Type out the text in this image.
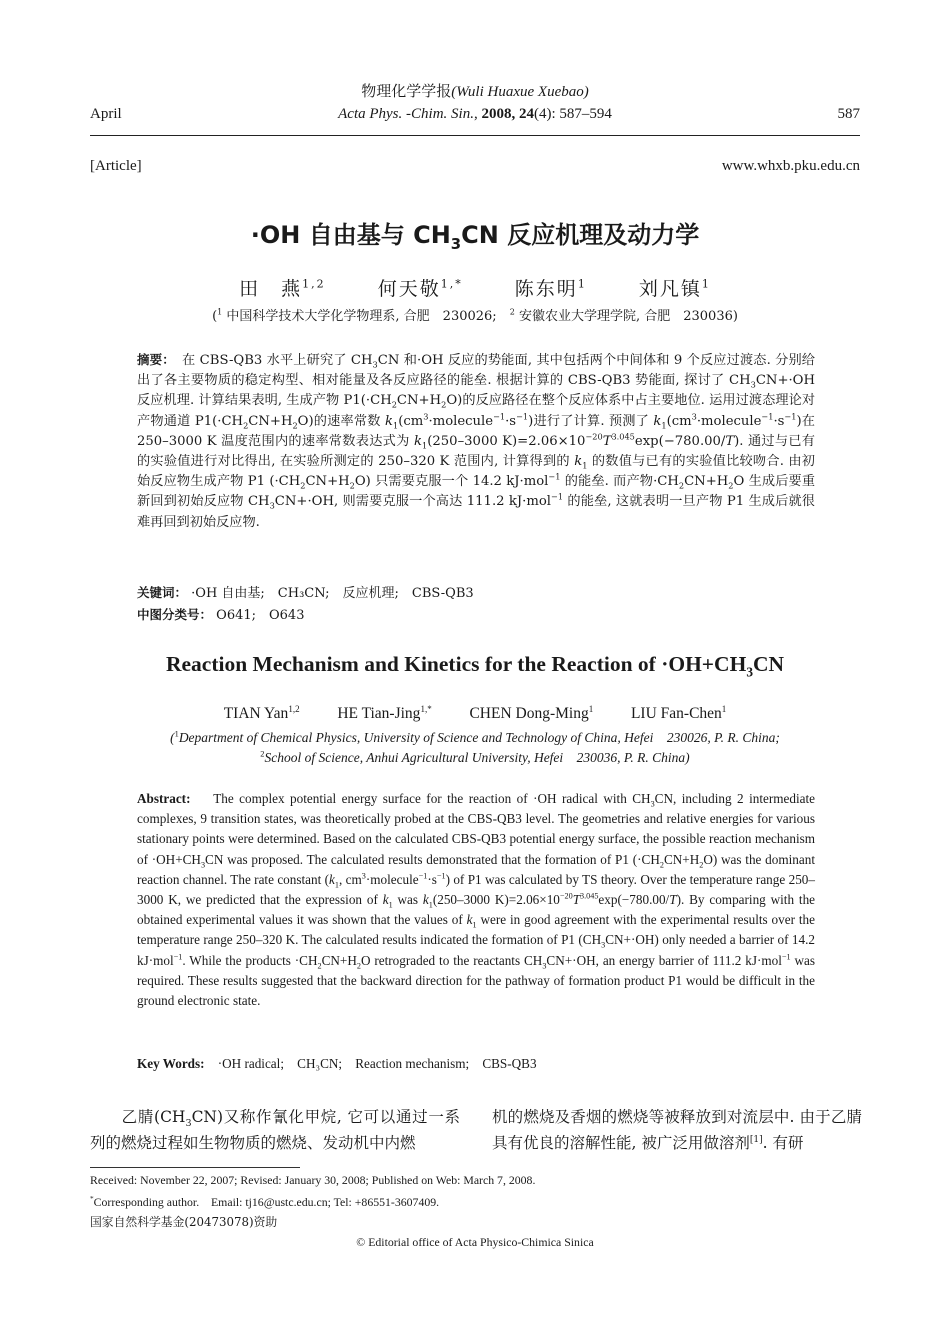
物理化学学报(Wuli Huaxue Xuebao)
April	Acta Phys. -Chim. Sin., 2008, 24(4): 587–594	587
[Article]	www.whxb.pku.edu.cn
·OH 自由基与 $CH_3CN$ 反应机理及动力学
田　燕$^{1,2}$	何天敬$^{1,*}$	陈东明$^1$	刘凡镇$^1$
($^1$ 中国科学技术大学化学物理系, 合肥　230026;　 $^2$ 安徽农业大学理学院, 合肥　230036)
摘要：　 在 CBS-QB3 水平上研究了 $CH_3CN$ 和·OH 反应的势能面, 其中包括两个中间体和 9 个反应过渡态. 分别给出了各主要物质的稳定构型、相对能量及各反应路径的能垒. 根据计算的 CBS-QB3 势能面, 探讨了 $CH_3CN+\cdot OH$ 反应机理. 计算结果表明, 生成产物 $P1(\cdot CH_2CN+H_2O)$的反应路径在整个反应体系中占主要地位. 运用过渡态理论对产物通道 $P1(\cdot CH_2CN+H_2O)$的速率常数 $k_1(cm^3\cdot molecule^{-1}\cdot s^{-1})$进行了计算. 预测了 $k_1(cm^3\cdot molecule^{-1}\cdot s^{-1})$在 250–3000 K 温度范围内的速率常数表达式为 $k_1(250-3000$ $K)=2.06\times 10^{-20}T^{3.045}\exp(-780.00/T)$. 通过与已有的实验值进行对比得出, 在实验所测定的 250–320 K 范围内, 计算得到的 $k_1$ 的数值与已有的实验值比较吻合. 由初始反应物生成产物 P1 $(\cdot CH_2CN+H_2O)$ 只需要克服一个 14.2 kJ·mol$^{-1}$ 的能垒. 而产物$\cdot CH_2CN+H_2O$ 生成后要重新回到初始反应物 $CH_3CN+\cdot OH$, 则需要克服一个高达 111.2 kJ·mol$^{-1}$ 的能垒, 这就表明一旦产物 P1 生成后就很难再回到初始反应物.
关键词： ·OH 自由基;　CH₃CN;　反应机理;　CBS-QB3
中图分类号： O641;　O643
Reaction Mechanism and Kinetics for the Reaction of $\cdot OH+CH_3CN$
TIAN Yan$^{1,2}$ HE Tian-Jing$^{1,*}$ CHEN Dong-Ming$^1$ LIU Fan-Chen$^1$
($^1$Department of Chemical Physics, University of Science and Technology of China, Hefei　230026, P. R. China;
$^2$School of Science, Anhui Agricultural University, Hefei　230036, P. R. China)
Abstract:　 The complex potential energy surface for the reaction of ·OH radical with $CH_3CN$, including 2 intermediate complexes, 9 transition states, was theoretically probed at the CBS-QB3 level. The geometries and relative energies for various stationary points were determined. Based on the calculated CBS-QB3 potential energy surface, the possible reaction mechanism of $\cdot OH+CH_3CN$ was proposed. The calculated results demonstrated that the formation of P1 $(\cdot CH_2CN+H_2O)$ was the dominant reaction channel. The rate constant ($k_1$, $cm^3\cdot molecule^{-1}\cdot s^{-1}$) of P1 was calculated by TS theory. Over the temperature range 250–3000 K, we predicted that the expression of $k_1$ was $k_1(250-3000$ $K)=2.06\times 10^{-20}T^{3.045}\exp(-780.00/T)$. By comparing with the obtained experimental values it was shown that the values of $k_1$ were in good agreement with the experimental results over the temperature range 250–320 K. The calculated results indicated the formation of P1 $(CH_3CN+\cdot OH)$ only needed a barrier of 14.2 kJ·mol$^{-1}$. While the products $\cdot CH_2CN+H_2O$ retrograded to the reactants $CH_3CN+\cdot OH$, an energy barrier of 111.2 kJ·mol$^{-1}$ was required. These results suggested that the backward direction for the pathway of formation product P1 would be difficult in the ground electronic state.
Key Words:　 ·OH radical;　CH₃CN;　Reaction mechanism;　CBS-QB3
乙腈$(CH_3CN)$又称作氰化甲烷, 它可以通过一系列的燃烧过程如生物物质的燃烧、发动机中内燃
机的燃烧及香烟的燃烧等被释放到对流层中. 由于乙腈具有优良的溶解性能, 被广泛用做溶剂[1]. 有研
Received: November 22, 2007; Revised: January 30, 2008; Published on Web: March 7, 2008.
*Corresponding author.　Email: tj16@ustc.edu.cn; Tel: +86551-3607409.
国家自然科学基金(20473078)资助
© Editorial office of Acta Physico-Chimica Sinica
